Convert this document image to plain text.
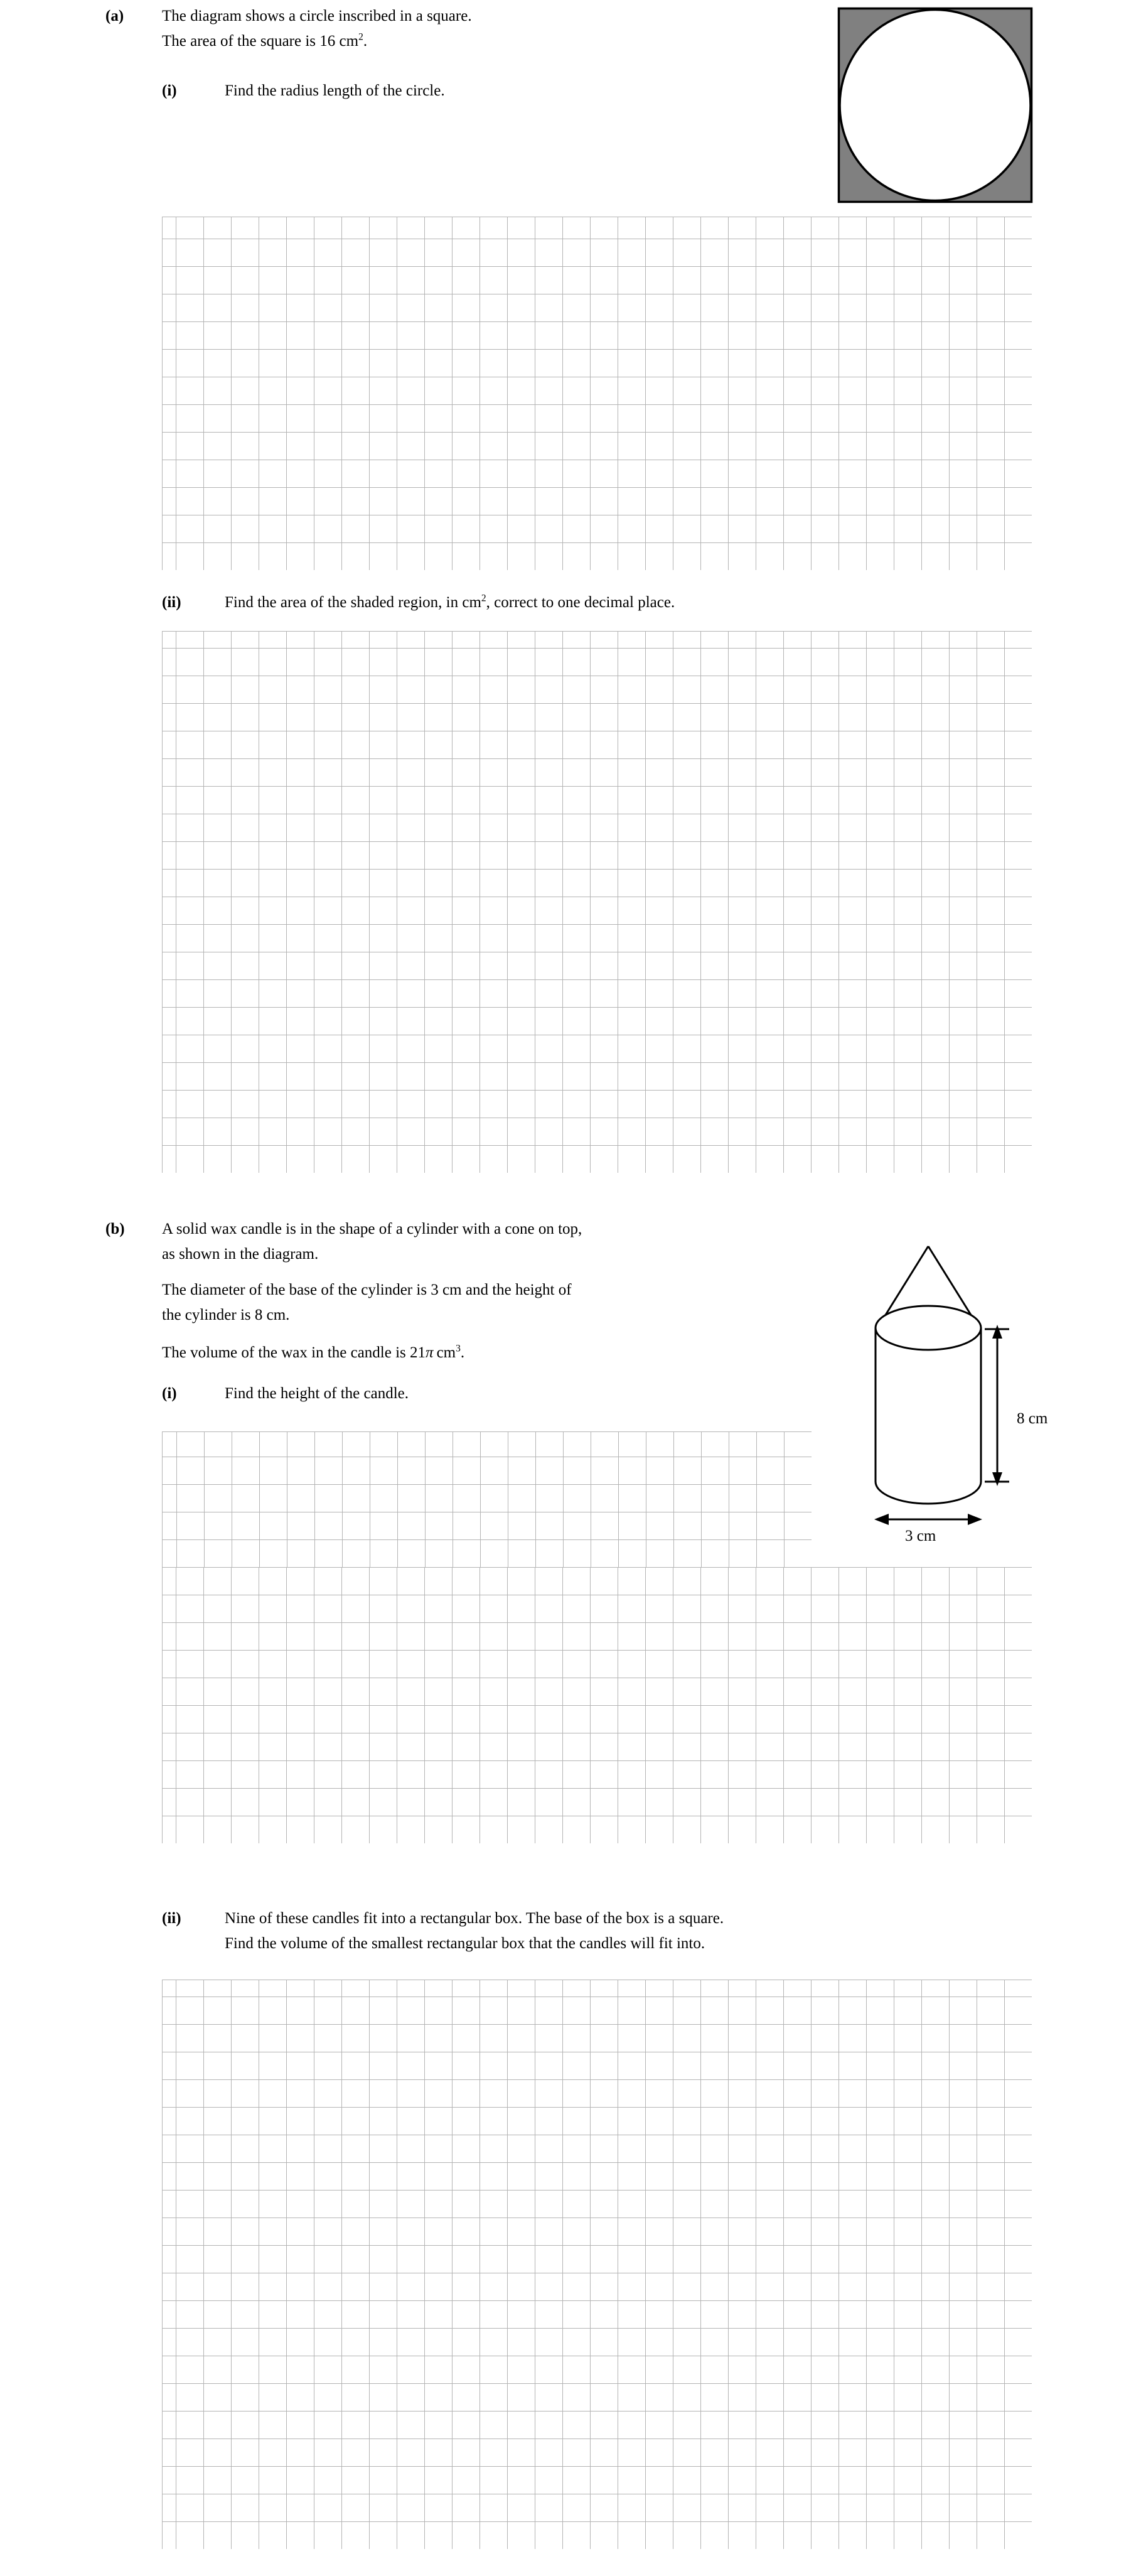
(a) The diagram shows a circle inscribed in a square.
The area of the square is 16 $cm^2$.
(i)	Find the radius length of the circle.
(ii)	Find the area of the shaded region, in $cm^2$, correct to one decimal place.
(b) A solid wax candle is in the shape of a cylinder with a cone on top,
as shown in the diagram.
The diameter of the base of the cylinder is 3 cm and the height of
the cylinder is 8 cm.
The volume of the wax in the candle is 21π  $cm^3$.
(i)	Find the height of the candle.
8 cm
3 cm
(ii)	Nine of these candles fit into a rectangular box. The base of the box is a square.
Find the volume of the smallest rectangular box that the candles will fit into.
